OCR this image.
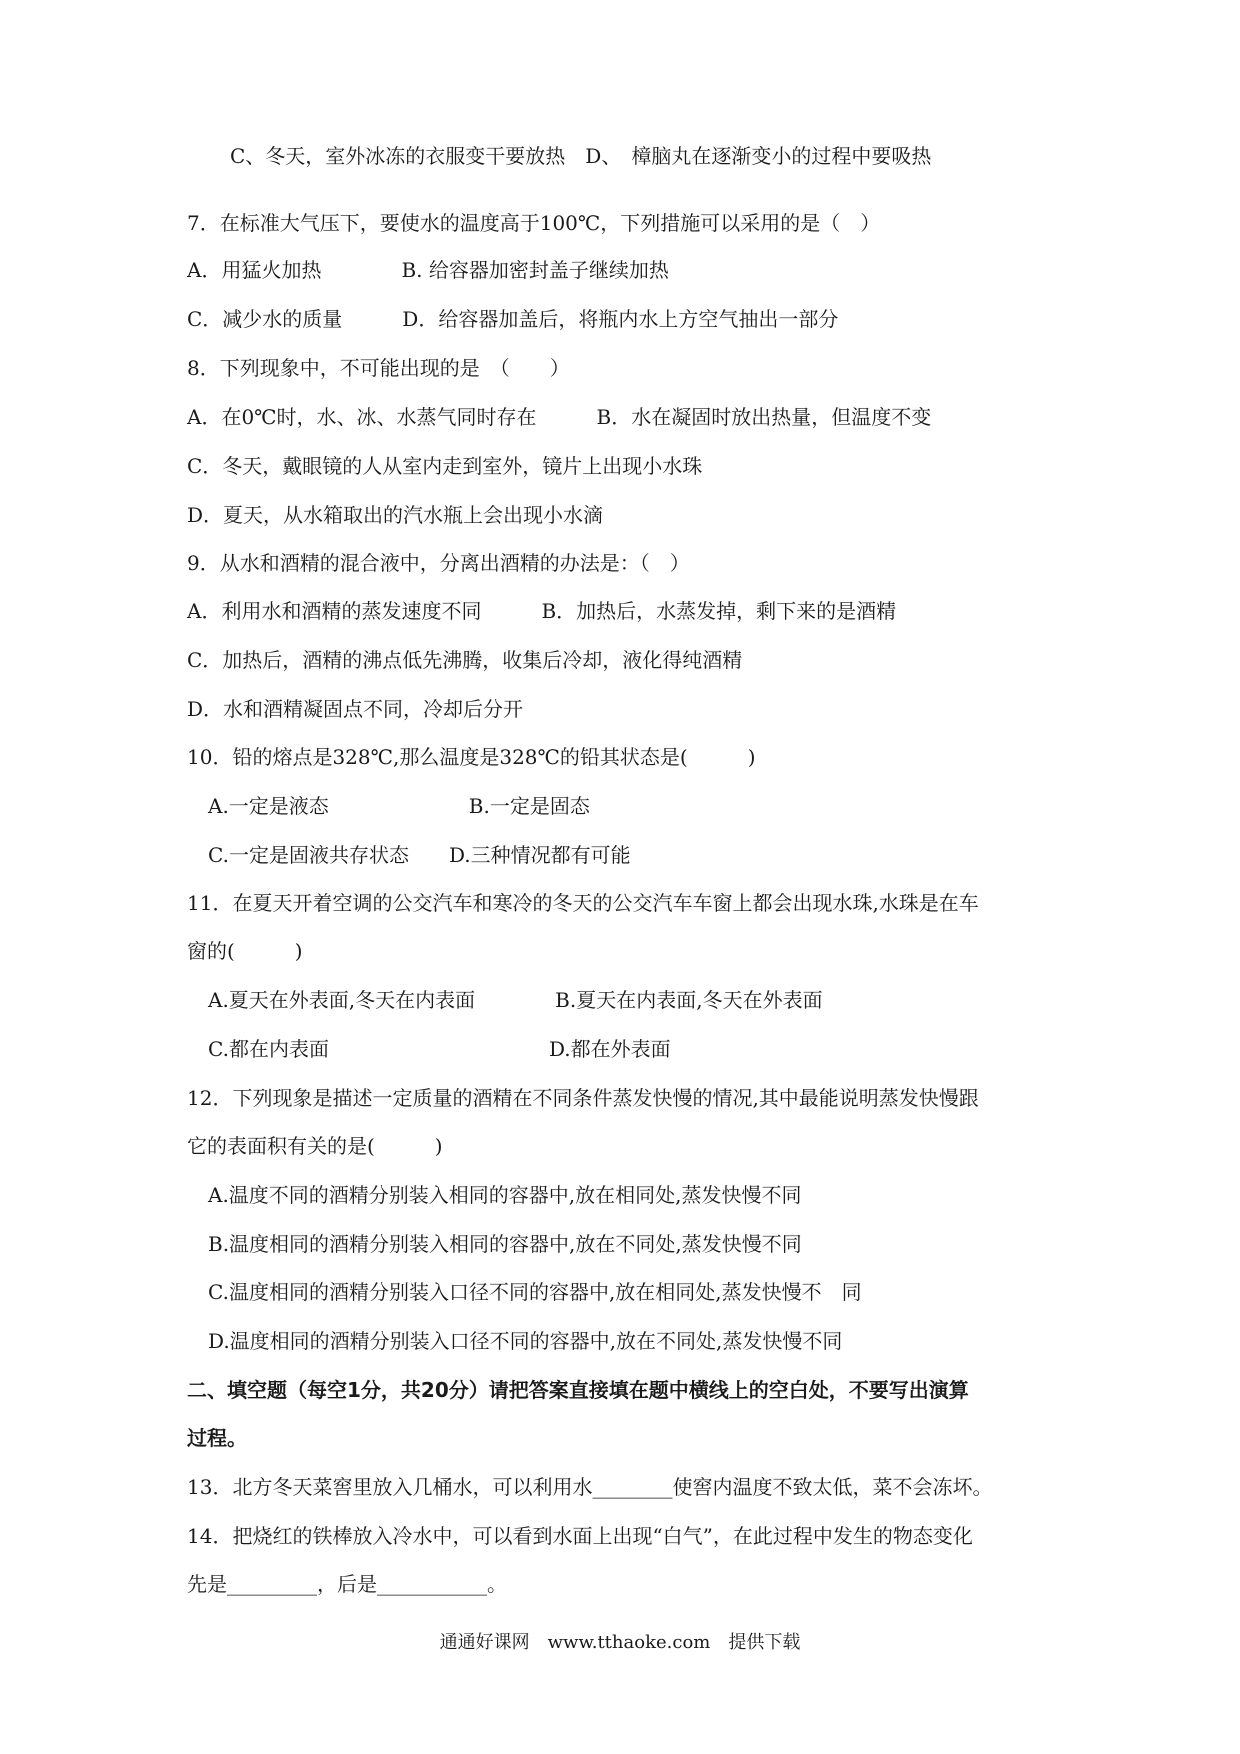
C、冬天，室外冰冻的衣服变干要放热　D、　樟脑丸在逐渐变小的过程中要吸热
7．在标准大气压下，要使水的温度高于100℃，下列措施可以采用的是（　）
A．用猛火加热　　　　B. 给容器加密封盖子继续加热
C．减少水的质量　　　D．给容器加盖后，将瓶内水上方空气抽出一部分
8．下列现象中，不可能出现的是　（　　）
A．在0℃时，水、冰、水蒸气同时存在　　　B．水在凝固时放出热量，但温度不变
C．冬天，戴眼镜的人从室内走到室外，镜片上出现小水珠
D．夏天，从水箱取出的汽水瓶上会出现小水滴
9．从水和酒精的混合液中，分离出酒精的办法是：（　）
A．利用水和酒精的蒸发速度不同　　　B．加热后，水蒸发掉，剩下来的是酒精
C．加热后，酒精的沸点低先沸腾，收集后冷却，液化得纯酒精
D．水和酒精凝固点不同，冷却后分开
10．铅的熔点是328℃,那么温度是328℃的铅其状态是(　　　)
A.一定是液态　　　　　　　B.一定是固态
C.一定是固液共存状态　　D.三种情况都有可能
11．在夏天开着空调的公交汽车和寒冷的冬天的公交汽车车窗上都会出现水珠,水珠是在车
窗的(　　　)
A.夏天在外表面,冬天在内表面　　　　B.夏天在内表面,冬天在外表面
C.都在内表面　　　　　　　　　　　D.都在外表面
12．下列现象是描述一定质量的酒精在不同条件蒸发快慢的情况,其中最能说明蒸发快慢跟
它的表面积有关的是(　　　)
A.温度不同的酒精分别装入相同的容器中,放在相同处,蒸发快慢不同
B.温度相同的酒精分别装入相同的容器中,放在不同处,蒸发快慢不同
C.温度相同的酒精分别装入口径不同的容器中,放在相同处,蒸发快慢不　同
D.温度相同的酒精分别装入口径不同的容器中,放在不同处,蒸发快慢不同
二、填空题（每空1分，共20分）请把答案直接填在题中横线上的空白处，不要写出演算
过程。
13．北方冬天菜窖里放入几桶水，可以利用水________使窖内温度不致太低，菜不会冻坏。
14．把烧红的铁棒放入冷水中，可以看到水面上出现“白气”，在此过程中发生的物态变化
先是_________，后是___________。
通通好课网　www.tthaoke.com　提供下载
